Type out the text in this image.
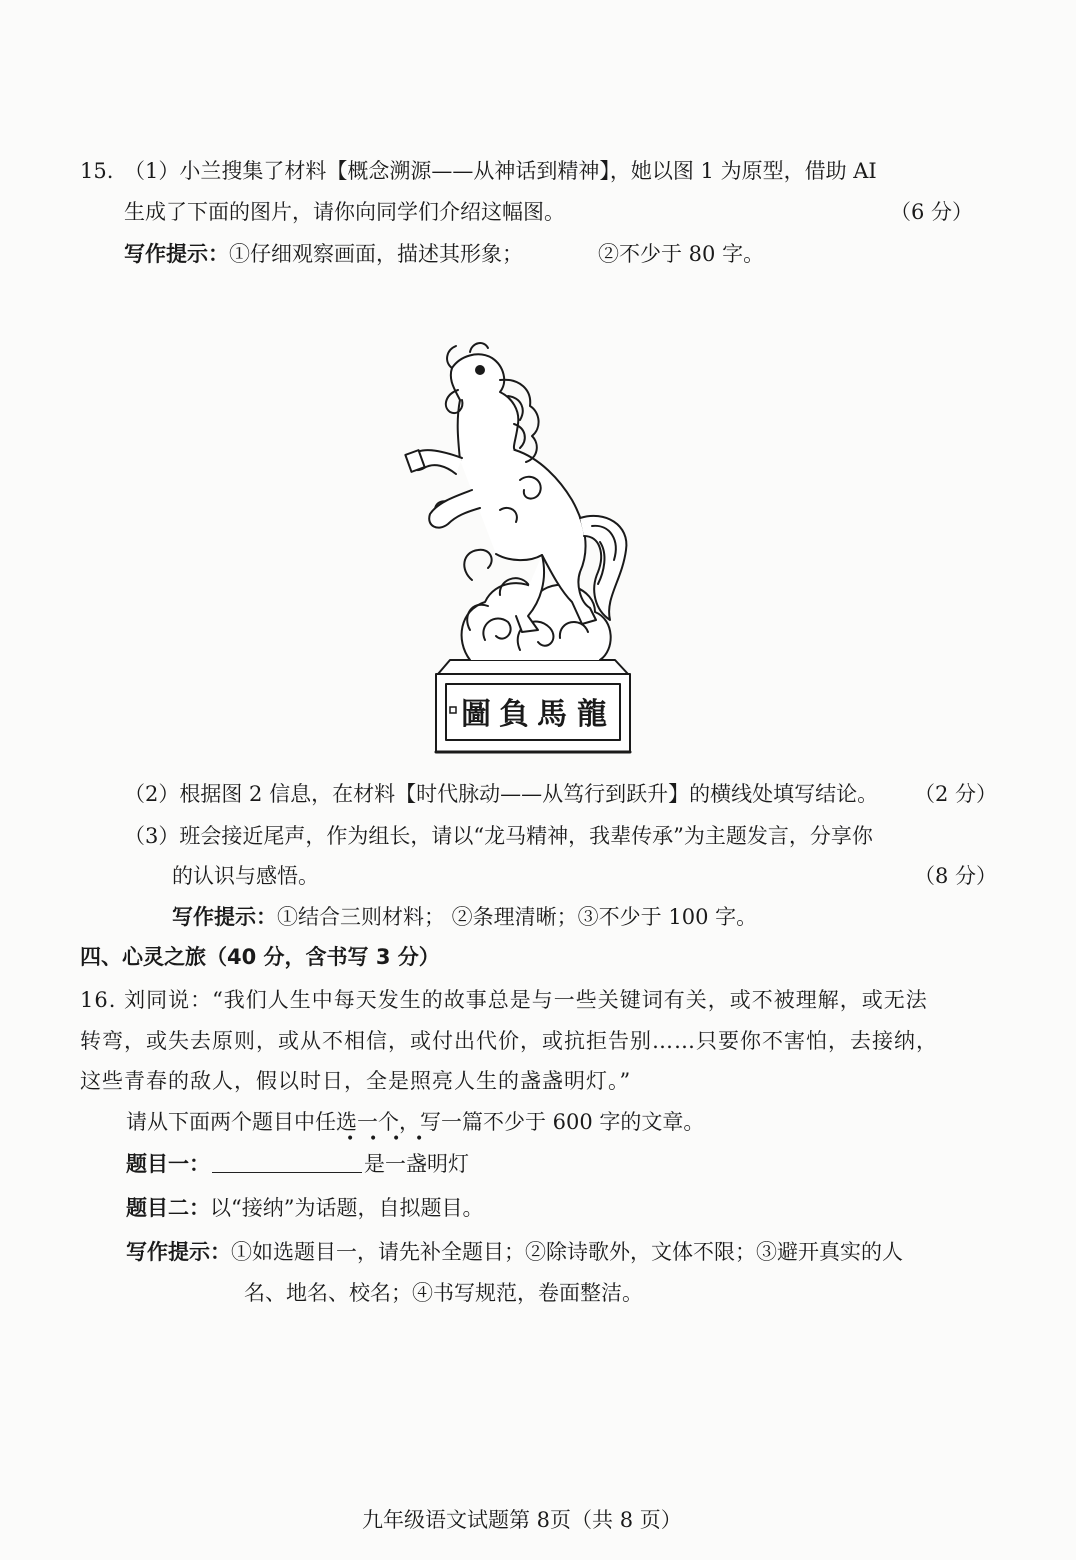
15. （1）小兰搜集了材料【概念溯源——从神话到精神】，她以图 1 为原型，借助 AI
生成了下面的图片，请你向同学们介绍这幅图。	（6 分）
写作提示：①仔细观察画面，描述其形象；	②不少于 80 字。
圖 負 馬 龍
（2）根据图 2 信息，在材料【时代脉动——从笃行到跃升】的横线处填写结论。 （2 分）
（3）班会接近尾声，作为组长，请以“龙马精神，我辈传承”为主题发言，分享你
的认识与感悟。	（8 分）
写作提示：①结合三则材料； ②条理清晰；③不少于 100 字。
四、心灵之旅（40 分，含书写 3 分）
16. 刘同说：“我们人生中每天发生的故事总是与一些关键词有关，或不被理解，或无法
转弯，或失去原则，或从不相信，或付出代价，或抗拒告别……只要你不害怕，去接纳，
这些青春的敌人，假以时日，全是照亮人生的盏盏明灯。”
请从下面两个题目中任选一个，写一篇不少于 600 字的文章。
• • • •
题目一：	是一盏明灯
题目二：以“接纳”为话题，自拟题目。
写作提示：①如选题目一，请先补全题目；②除诗歌外，文体不限；③避开真实的人
名、地名、校名；④书写规范，卷面整洁。
九年级语文试题第 8页（共 8 页）
